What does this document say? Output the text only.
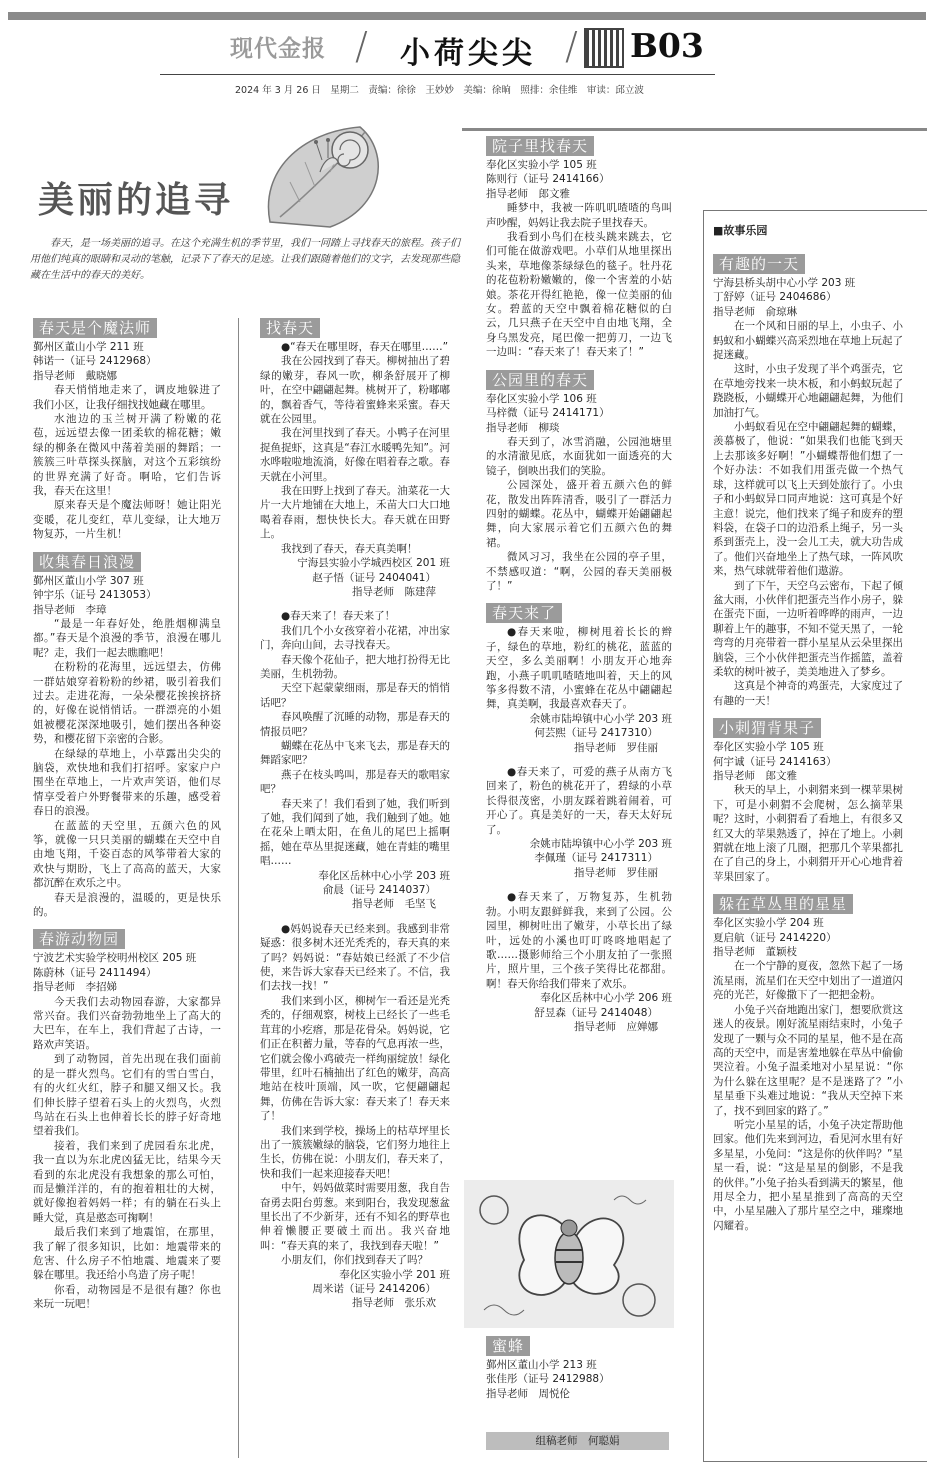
现代金报 / 小荷尖尖 / B03
2024 年 3 月 26 日　星期二　责编：徐徐　王妙妙　美编：徐晌　照排：余佳维　审读：邱立波
美丽的追寻
春天，是一场美丽的追寻。在这个充满生机的季节里，我们一同踏上寻找春天的旅程。孩子们用他们纯真的眼睛和灵动的笔触，记录下了春天的足迹。让我们跟随着他们的文字，去发现那些隐藏在生活中的春天的美好。
春天是个魔法师
鄞州区董山小学 211 班
韩诺一（证号 2412968）
指导老师　戴晓娜

春天悄悄地走来了，调皮地躲进了我们小区，让我仔细找找她藏在哪里。

水池边的玉兰树开满了粉嫩的花苞，远远望去像一团柔软的棉花糖；嫩绿的柳条在微风中荡着美丽的舞蹈；一簇簇三叶草探头探脑，对这个五彩缤纷的世界充满了好奇。啊哈，它们告诉我，春天在这里！

原来春天是个魔法师呀！她让阳光变暖，花儿变红，草儿变绿，让大地万物复苏，一片生机！

收集春日浪漫
鄞州区董山小学 307 班
钟宇乐（证号 2413053）
指导老师　李璋

“最是一年春好处，绝胜烟柳满皇都。”春天是个浪漫的季节，浪漫在哪儿呢？走，我们一起去瞧瞧吧！

在粉粉的花海里，远远望去，仿佛一群姑娘穿着粉粉的纱裙，吸引着我们过去。走进花海，一朵朵樱花挨挨挤挤的，好像在说悄悄话。一群漂亮的小姐姐被樱花深深地吸引，她们摆出各种姿势，和樱花留下亲密的合影。

在绿绿的草地上，小草露出尖尖的脑袋，欢快地和我们打招呼。家家户户围坐在草地上，一片欢声笑语，他们尽情享受着户外野餐带来的乐趣，感受着春日的浪漫。

在蓝蓝的天空里，五颜六色的风筝，就像一只只美丽的蝴蝶在天空中自由地飞翔，千姿百态的风筝带着大家的欢快与期盼，飞上了高高的蓝天，大家都沉醉在欢乐之中。

春天是浪漫的，温暖的，更是快乐的。

春游动物园
宁波艺术实验学校明州校区 205 班
陈蔚林（证号 2411494）
指导老师　李招娣

今天我们去动物园春游，大家都异常兴奋。我们兴奋勃勃地坐上了高大的大巴车，在车上，我们背起了古诗，一路欢声笑语。

到了动物园，首先出现在我们面前的是一群火烈鸟。它们有的雪白雪白，有的火红火红，脖子和腿又细又长。我们伸长脖子望着石头上的火烈鸟，火烈鸟站在石头上也伸着长长的脖子好奇地望着我们。

接着，我们来到了虎园看东北虎，我一直以为东北虎凶猛无比，结果今天看到的东北虎没有我想象的那么可怕，而是懒洋洋的，有的抱着粗壮的大树，就好像抱着妈妈一样；有的躺在石头上睡大觉，真是憨态可掬啊！

最后我们来到了地震馆，在那里，我了解了很多知识，比如：地震带来的危害、什么房子不怕地震、地震来了要躲在哪里。我还给小鸟造了房子呢！

你看，动物园是不是很有趣？你也来玩一玩吧！

找春天

●“春天在哪里呀，春天在哪里……”

我在公园找到了春天。柳树抽出了碧绿的嫩芽，春风一吹，柳条舒展开了柳叶，在空中翩翩起舞。桃树开了，粉嘟嘟的，飘着香气，等待着蜜蜂来采蜜。春天就在公园里。

我在河里找到了春天。小鸭子在河里捉鱼捉虾，这真是“春江水暖鸭先知”。河水哗啦啦地流淌，好像在唱着春之歌。春天就在小河里。

我在田野上找到了春天。油菜花一大片一大片地铺在大地上，禾苗大口大口地喝着春雨，想快快长大。春天就在田野上。

我找到了春天，春天真美啊！

宁海县实验小学城西校区 201 班

赵子悟（证号 2404041）

指导老师　陈建萍

●春天来了！春天来了！

我们几个小女孩穿着小花裙，冲出家门，奔向山间，去寻找春天。

春天像个花仙子，把大地打扮得无比美丽，生机勃勃。

天空下起蒙蒙细雨，那是春天的悄悄话吧？

春风唤醒了沉睡的动物，那是春天的情报员吧？

蝴蝶在花丛中飞来飞去，那是春天的舞蹈家吧？

燕子在枝头鸣叫，那是春天的歌唱家吧？

春天来了！我们看到了她，我们听到了她，我们闻到了她，我们触到了她。她在花朵上晒太阳，在鱼儿的尾巴上摇啊摇，她在草丛里捉迷藏，她在青蛙的嘴里唱……

奉化区岳林中心小学 203 班

俞晨（证号 2414037）

指导老师　毛坚飞

●妈妈说春天已经来到。我感到非常疑惑：很多树木还光秃秃的，春天真的来了吗？妈妈说：“春姑娘已经派了不少信使，来告诉大家春天已经来了。不信，我们去找一找！”

我们来到小区，柳树乍一看还是光秃秃的，仔细观察，树枝上已经长了一些毛茸茸的小疙瘩，那是花骨朵。妈妈说，它们正在积蓄力量，等春的气息再浓一些，它们就会像小鸡破壳一样绚丽绽放！绿化带里，红叶石楠抽出了红色的嫩芽，高高地站在枝叶顶端，风一吹，它便翩翩起舞，仿佛在告诉大家：春天来了！春天来了！

我们来到学校，操场上的枯草坪里长出了一簇簇嫩绿的脑袋，它们努力地往上生长，仿佛在说：小朋友们，春天来了，快和我们一起来迎接春天吧！

中午，妈妈做菜时需要用葱，我自告奋勇去阳台剪葱。来到阳台，我发现葱盆里长出了不少新芽，还有不知名的野草也伸着懒腰正要破土而出。我兴奋地叫：“春天真的来了，我找到春天啦！”

小朋友们，你们找到春天了吗？

奉化区实验小学 201 班

周米诺（证号 2414206）

指导老师　张乐欢

院子里找春天
奉化区实验小学 105 班
陈则行（证号 2414166）
指导老师　郎文雅

睡梦中，我被一阵叽叽喳喳的鸟叫声吵醒，妈妈让我去院子里找春天。

我看到小鸟们在枝头跳来跳去，它们可能在做游戏吧。小草们从地里探出头来，草地像茶绿绿色的毯子。牡丹花的花苞粉粉嫩嫩的，像一个害羞的小姑娘。茶花开得红艳艳，像一位美丽的仙女。碧蓝的天空中飘着棉花糖似的白云，几只燕子在天空中自由地飞翔，全身乌黑发亮，尾巴像一把剪刀，一边飞一边叫：“春天来了！春天来了！”

公园里的春天
奉化区实验小学 106 班
马梓微（证号 2414171）
指导老师　柳琰

春天到了，冰雪消融，公园池塘里的水清澈见底，水面犹如一面透亮的大镜子，倒映出我们的笑脸。

公园深处，盛开着五颜六色的鲜花，散发出阵阵清香，吸引了一群活力四射的蝴蝶。花丛中，蝴蝶开始翩翩起舞，向大家展示着它们五颜六色的舞裙。

微风习习，我坐在公园的亭子里，不禁感叹道：“啊，公园的春天美丽极了！”

春天来了

●春天来啦，柳树甩着长长的辫子，绿色的草地，粉红的桃花，蓝蓝的天空，多么美丽啊！小朋友开心地奔跑，小燕子叽叽喳喳地叫着，天上的风筝多得数不清，小蜜蜂在花丛中翩翩起舞，真美啊，我最喜欢春天了。

余姚市陆埠镇中心小学 203 班

何芸熙（证号 2417310）

指导老师　罗佳丽

●春天来了，可爱的燕子从南方飞回来了，粉色的桃花开了，碧绿的小草长得很茂密，小朋友踩着跳着闹着，可开心了。真是美好的一天，春天太好玩了。

余姚市陆埠镇中心小学 203 班

李佩瑾（证号 2417311）

指导老师　罗佳丽

●春天来了，万物复苏，生机勃勃。小明友跟鲜鲜我，来到了公园。公园里，柳树吐出了嫩芽，小草长出了绿叶，远处的小溪也叮叮咚咚地唱起了歌……摄影师给三个小朋友拍了一张照片，照片里，三个孩子笑得比花都甜。啊！春天你给我们带来了欢乐。

奉化区岳林中心小学 206 班

舒昱森（证号 2414048）

指导老师　应婵娜

蜜蜂
鄞州区董山小学 213 班
张佳彤（证号 2412988）
指导老师　周悦伦
组稿老师　何聪娟
■故事乐园
有趣的一天
宁海县桥头胡中心小学 203 班
丁舒婷（证号 2404686）
指导老师　俞琼琳

在一个风和日丽的早上，小虫子、小蚂蚁和小蝴蝶兴高采烈地在草地上玩起了捉迷藏。

这时，小虫子发现了半个鸡蛋壳，它在草地旁找来一块木板，和小蚂蚁玩起了跷跷板，小蝴蝶开心地翩翩起舞，为他们加油打气。

小蚂蚁看见在空中翩翩起舞的蝴蝶，羡慕极了，他说：“如果我们也能飞到天上去那该多好啊！”小蝴蝶帮他们想了一个好办法：不如我们用蛋壳做一个热气球，这样就可以飞上天到处旅行了。小虫子和小蚂蚁异口同声地说：这可真是个好主意！说完，他们找来了绳子和废弃的塑料袋，在袋子口的边沿系上绳子，另一头系到蛋壳上，没一会儿工夫，就大功告成了。他们兴奋地坐上了热气球，一阵风吹来，热气球就带着他们遨游。

到了下午，天空乌云密布，下起了倾盆大雨，小伙伴们把蛋壳当作小房子，躲在蛋壳下面，一边听着哗哗的雨声，一边聊着上午的趣事，不知不觉天黑了，一轮弯弯的月亮带着一群小星星从云朵里探出脑袋，三个小伙伴把蛋壳当作摇篮，盖着柔软的树叶被子，美美地进入了梦乡。

这真是个神奇的鸡蛋壳，大家度过了有趣的一天！

小刺猬背果子
奉化区实验小学 105 班
何宇诚（证号 2414163）
指导老师　郎文雅

秋天的早上，小刺猬来到一棵苹果树下，可是小刺猬不会爬树，怎么摘苹果呢？这时，小刺猬看了看地上，有很多又红又大的苹果熟透了，掉在了地上。小刺猬就在地上滚了几圈，把那几个苹果都扎在了自己的身上，小刺猬开开心心地背着苹果回家了。

躲在草丛里的星星
奉化区实验小学 204 班
夏启航（证号 2414220）
指导老师　董颖枝

在一个宁静的夏夜，忽然下起了一场流星雨，流星们在天空中划出了一道道闪亮的光芒，好像撒下了一把把金粉。

小兔子兴奋地跑出家门，想要欣赏这迷人的夜景。刚好流星雨结束时，小兔子发现了一颗与众不同的星星，他不是在高高的天空中，而是害羞地躲在草丛中偷偷哭泣着。小兔子温柔地对小星星说：“你为什么躲在这里呢？是不是迷路了？”小星星垂下头难过地说：“我从天空掉下来了，找不到回家的路了。”

听完小星星的话，小兔子决定帮助他回家。他们先来到河边，看见河水里有好多星星，小兔问：“这是你的伙伴吗？”星星一看，说：“这是星星的倒影，不是我的伙伴。”小兔子抬头看到满天的繁星，他用尽全力，把小星星推到了高高的天空中，小星星融入了那片星空之中，璀璨地闪耀着。
